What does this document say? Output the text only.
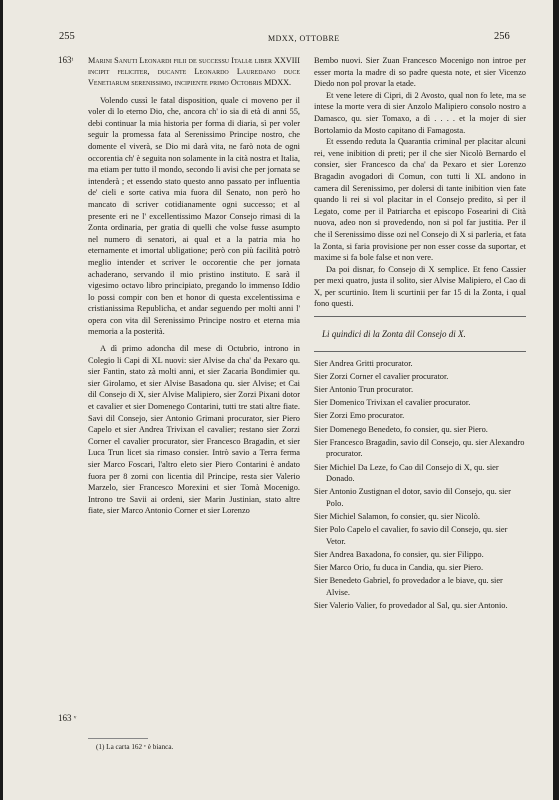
255	MDXX, OTTOBRE	256
163ᵗ
163 ᵛ

Marini Sanuti Leonardi filii de successu Italiæ liber XXVIII incipit feliciter, ducante Leonardo Lauredano duce Venetiarum serenissimo, incipiente primo Octobris MDXX.

Volendo cussì le fatal disposition, quale ci moveno per il voler di lo eterno Dio, che, ancora ch' io sia di età di anni 55, debi continuar la mia historia per forma di diaria, sì per voler seguir la promessa fata al Serenissimo Principe nostro, che domente el viverà, se Dio mi darà vita, ne farò nota de ogni occorentia ch' è seguita non solamente in la cità nostra et Italia, ma etiam per tutto il mondo, secondo li avisi che per jornata se intenderà ; et essendo stato questo anno passato per influentia de' cieli e sorte cativa mia fuora dil Senato, non però ho mancato di scriver cotidianamente ogni successo; et al presente eri ne l' excellentissimo Mazor Consejo rimasi di la Zonta ordinaria, per gratia di quelli che volse fusse asumpto nel numero di senatori, ai qual et a la patria mia ho eternamente et imortal ubligatione; però con più facilità potrò meglio intender et scriver le occorentie che per jornata achaderano, servando il mio pristino instituto. E sarà il vigesimo octavo libro principiato, pregando lo immenso Iddio lo possi compir con ben et honor di questa excelentissima e cristianissima Republicha, et andar seguendo per molti anni l' opera con vita dil Serenissimo Principe nostro et eterna mia memoria a la posterità.

A dì primo adoncha dil mese di Octubrio, introno in Colegio li Capi di XL nuovi: sier Alvise da cha' da Pexaro qu. sier Fantin, stato zà molti anni, et sier Zacaria Bondimier qu. sier Girolamo, et sier Alvise Basadona qu. sier Alvise; et Cai dil Consejo di X, sier Alvise Malipiero, sier Zorzi Pixani dotor et cavalier et sier Domenego Contarini, tutti tre stati altre fiate. Savi dil Consejo, sier Antonio Grimani procurator, sier Piero Capelo et sier Andrea Trivixan el cavalier; restano sier Zorzi Corner el cavalier procurator, sier Francesco Bragadin, et sier Luca Trun licet sia rimaso consier. Intrò savio a Terra ferma sier Marco Foscari, l'altro eleto sier Piero Contarini è andato fuora per 8 zorni con licentia dil Principe, resta sier Valerio Marzelo, sier Francesco Morexini et sier Tomà Mocenigo. Introno tre Savii ai ordeni, sier Marin Justinian, stato altre fiate, sier Marco Antonio Corner et sier Lorenzo

(1) La carta 162 ᵛ è bianca.

Bembo nuovi. Sier Zuan Francesco Mocenigo non introe per esser morta la madre di so padre questa note, et sier Vicenzo Diedo non pol provar la etade.

Et vene letere di Cipri, di 2 Avosto, qual non fo lete, ma se intese la morte vera di sier Anzolo Malipiero consolo nostro a Damasco, qu. sier Tomaxo, a dì . . . . et la mojer di sier Bortolamio da Mosto capitano di Famagosta.

Et essendo reduta la Quarantia criminal per placitar alcuni rei, vene inibition di preti; per il che sier Nicolò Bernardo el consier, sier Francesco da cha' da Pexaro et sier Lorenzo Bragadin avogadori di Comun, con tutti li XL andono in camera dil Serenissimo, per dolersi di tante inibition vien fate quando li rei si vol placitar in el Consejo predito, sì per il Legato, come per il Patriarcha et episcopo Fosearini di Cità nuova, adeo non si provedendo, non si pol far justitia. Per il che il Serenissimo disse ozi nel Consejo di X si parleria, et fata la Zonta, si faria provisione per non esser cosse da suportar, et maxime si fa bole false et non vere.

Da poi disnar, fo Consejo di X semplice. Et feno Cassier per mexi quatro, justa il solito, sier Alvise Malipiero, el Cao di X, per scurtinio. Item li scurtinii per far 15 di la Zonta, i qual fono questi.

Li quindici di la Zonta dil Consejo di X.

Sier Andrea Gritti procurator.

Sier Zorzi Corner el cavalier procurator.

Sier Antonio Trun procurator.

Sier Domenico Trivixan el cavalier procurator.

Sier Zorzi Emo procurator.

Sier Domenego Benedeto, fo consier, qu. sier Piero.

Sier Francesco Bragadin, savio dil Consejo, qu. sier Alexandro procurator.

Sier Michiel Da Leze, fo Cao dil Consejo di X, qu. sier Donado.

Sier Antonio Zustignan el dotor, savio dil Consejo, qu. sier Polo.

Sier Michiel Salamon, fo consier, qu. sier Nicolò.

Sier Polo Capelo el cavalier, fo savio dil Consejo, qu. sier Vetor.

Sier Andrea Baxadona, fo consier, qu. sier Filippo.

Sier Marco Orio, fu duca in Candia, qu. sier Piero.

Sier Benedeto Gabriel, fo provedador a le biave, qu. sier Alvise.

Sier Valerio Valier, fo provedador al Sal, qu. sier Antonio.
